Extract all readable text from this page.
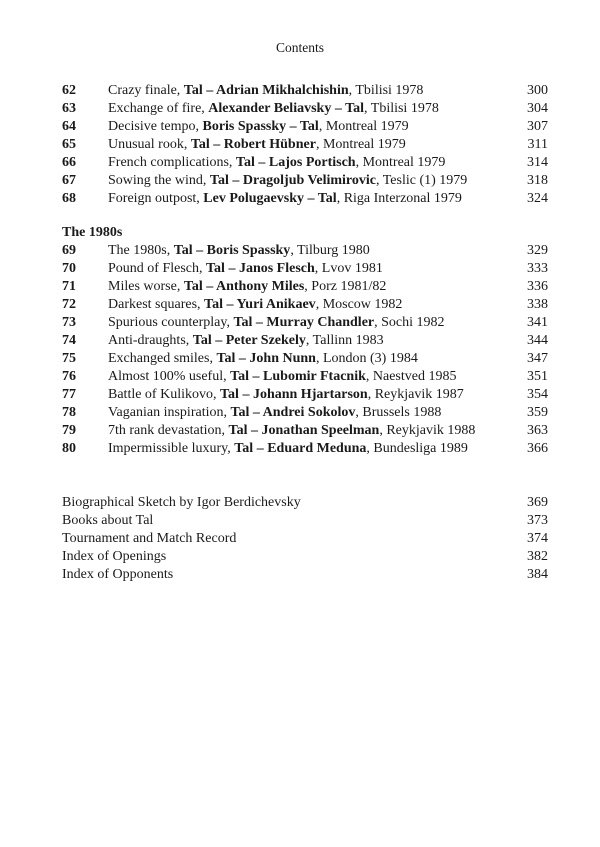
Contents
62 Crazy finale, Tal – Adrian Mikhalchishin, Tbilisi 1978	300
63 Exchange of fire, Alexander Beliavsky – Tal, Tbilisi 1978	304
64 Decisive tempo, Boris Spassky – Tal, Montreal 1979	307
65 Unusual rook, Tal – Robert Hübner, Montreal 1979	311
66 French complications, Tal – Lajos Portisch, Montreal 1979	314
67 Sowing the wind, Tal – Dragoljub Velimirovic, Teslic (1) 1979	318
68 Foreign outpost, Lev Polugaevsky – Tal, Riga Interzonal 1979	324
The 1980s
69 The 1980s, Tal – Boris Spassky, Tilburg 1980	329
70 Pound of Flesch, Tal – Janos Flesch, Lvov 1981	333
71 Miles worse, Tal – Anthony Miles, Porz 1981/82	336
72 Darkest squares, Tal – Yuri Anikaev, Moscow 1982	338
73 Spurious counterplay, Tal – Murray Chandler, Sochi 1982	341
74 Anti-draughts, Tal – Peter Szekely, Tallinn 1983	344
75 Exchanged smiles, Tal – John Nunn, London (3) 1984	347
76 Almost 100% useful, Tal – Lubomir Ftacnik, Naestved 1985	351
77 Battle of Kulikovo, Tal – Johann Hjartarson, Reykjavik 1987	354
78 Vaganian inspiration, Tal – Andrei Sokolov, Brussels 1988	359
79 7th rank devastation, Tal – Jonathan Speelman, Reykjavik 1988	363
80 Impermissible luxury, Tal – Eduard Meduna, Bundesliga 1989	366
Biographical Sketch by Igor Berdichevsky	369
Books about Tal	373
Tournament and Match Record	374
Index of Openings	382
Index of Opponents	384
